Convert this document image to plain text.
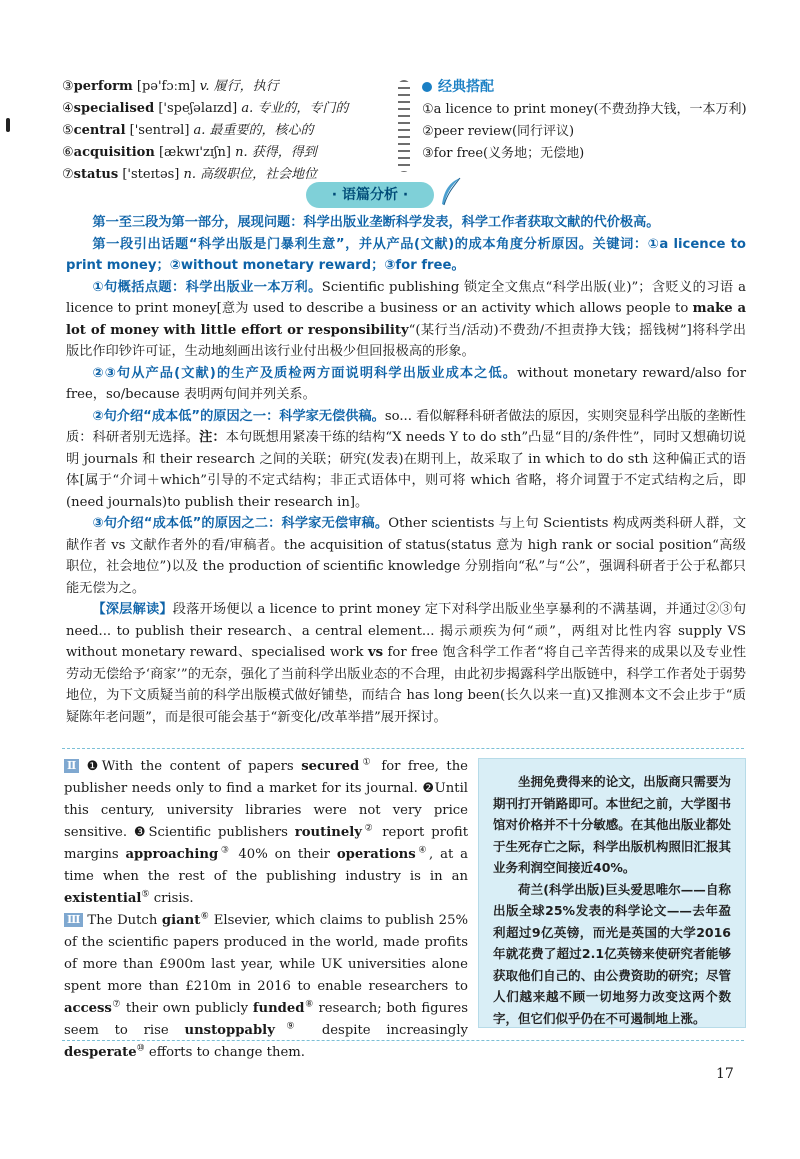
③perform [pə'fɔːm] v. 履行，执行
④specialised ['speʃəlaɪzd] a. 专业的，专门的
⑤central ['sentrəl] a. 最重要的，核心的
⑥acquisition [ækwɪ'zɪʃn] n. 获得，得到
⑦status ['steɪtəs] n. 高级职位，社会地位
经典搭配
①a licence to print money(不费劲挣大钱，一本万利)
②peer review(同行评议)
③for free(义务地；无偿地)
· 语篇分析 ·

第一至三段为第一部分，展现问题：科学出版业垄断科学发表，科学工作者获取文献的代价极高。

第一段引出话题“科学出版是门暴利生意”，并从产品(文献)的成本角度分析原因。关键词：①a licence to print money；②without monetary reward；③for free。

①句概括点题：科学出版业一本万利。Scientific publishing 锁定全文焦点“科学出版(业)”；含贬义的习语 a licence to print money[意为 used to describe a business or an activity which allows people to make a lot of money with little effort or responsibility“(某行当/活动)不费劲/不担责挣大钱；摇钱树”]将科学出版比作印钞许可证，生动地刻画出该行业付出极少但回报极高的形象。

②③句从产品(文献)的生产及质检两方面说明科学出版业成本之低。without monetary reward/also for free，so/because 表明两句间并列关系。

②句介绍“成本低”的原因之一：科学家无偿供稿。so... 看似解释科研者做法的原因，实则突显科学出版的垄断性质：科研者别无选择。注：本句既想用紧凑干练的结构“X needs Y to do sth”凸显“目的/条件性”，同时又想确切说明 journals 和 their research 之间的关联；研究(发表)在期刊上，故采取了 in which to do sth 这种偏正式的语体[属于“介词＋which”引导的不定式结构；非正式语体中，则可将 which 省略，将介词置于不定式结构之后，即(need journals)to publish their research in]。

③句介绍“成本低”的原因之二：科学家无偿审稿。Other scientists 与上句 Scientists 构成两类科研人群，文献作者 vs 文献作者外的看/审稿者。the acquisition of status(status 意为 high rank or social position“高级职位，社会地位”)以及 the production of scientific knowledge 分别指向“私”与“公”，强调科研者于公于私都只能无偿为之。

【深层解读】段落开场便以 a licence to print money 定下对科学出版业坐享暴利的不满基调，并通过②③句 need... to publish their research、a central element... 揭示顽疾为何“顽”，两组对比性内容 supply VS without monetary reward、specialised work vs for free 饱含科学工作者“将自己辛苦得来的成果以及专业性劳动无偿给予‘商家’”的无奈，强化了当前科学出版业态的不合理，由此初步揭露科学出版链中，科学工作者处于弱势地位，为下文质疑当前的科学出版模式做好铺垫，而结合 has long been(长久以来一直)又推测本文不会止步于“质疑陈年老问题”，而是很可能会基于“新变化/改革举措”展开探讨。

Ⅱ ❶With the content of papers secured① for free, the publisher needs only to find a market for its journal. ❷Until this century, university libraries were not very price sensitive. ❸Scientific publishers routinely② report profit margins approaching③ 40% on their operations④, at a time when the rest of the publishing industry is in an existential⑤ crisis.

Ⅲ The Dutch giant⑥ Elsevier, which claims to publish 25% of the scientific papers produced in the world, made profits of more than £900m last year, while UK universities alone spent more than £210m in 2016 to enable researchers to access⑦ their own publicly funded⑧ research; both figures seem to rise unstoppably⑨ despite increasingly desperate⑩ efforts to change them.

坐拥免费得来的论文，出版商只需要为期刊打开销路即可。本世纪之前，大学图书馆对价格并不十分敏感。在其他出版业都处于生死存亡之际，科学出版机构照旧汇报其业务利润空间接近40%。

荷兰(科学出版)巨头爱思唯尔——自称出版全球25%发表的科学论文——去年盈利超过9亿英镑，而光是英国的大学2016年就花费了超过2.1亿英镑来使研究者能够获取他们自己的、由公费资助的研究；尽管人们越来越不顾一切地努力改变这两个数字，但它们似乎仍在不可遏制地上涨。

17
